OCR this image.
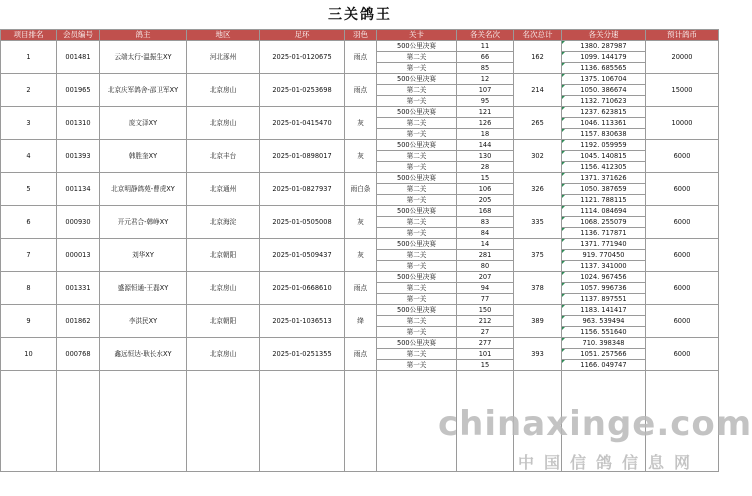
三关鸽王
项目排名	会员编号	鸽主	地区	足环	羽色	关卡	各关名次	名次总计	各关分速	预计鸽币
1	001481	云端太行-温振生XY	河北涿州	2025-01-0120675	雨点	500公里决赛	11	162	1380. 287987	20000
						第二关	66		1099. 144179	
						第一关	85		1136. 685565	
2	001965	北京庆军鸽舍-邵卫军XY	北京房山	2025-01-0253698	雨点	500公里决赛	12	214	1375. 106704	15000
						第二关	107		1050. 386674	
						第一关	95		1132. 710623	
3	001310	庞文泽XY	北京房山	2025-01-0415470	灰	500公里决赛	121	265	1237. 623815	10000
						第二关	126		1046. 113361	
						第一关	18		1157. 830638	
4	001393	韩胜奎XY	北京丰台	2025-01-0898017	灰	500公里决赛	144	302	1192. 059959	6000
						第二关	130		1045. 140815	
						第一关	28		1156. 412305	
5	001134	北京明静鸽苑-曹虎XY	北京通州	2025-01-0827937	雨白条	500公里决赛	15	326	1371. 371626	6000
						第二关	106		1050. 387659	
						第一关	205		1121. 788115	
6	000930	开元君合-韩峥XY	北京海淀	2025-01-0505008	灰	500公里决赛	168	335	1114. 084694	6000
						第二关	83		1068. 255079	
						第一关	84		1136. 717871	
7	000013	刘华XY	北京朝阳	2025-01-0509437	灰	500公里决赛	14	375	1371. 771940	6000
						第二关	281		919. 770450	
						第一关	80		1137. 341000	
8	001331	盛源恒通-王磊XY	北京房山	2025-01-0668610	雨点	500公里决赛	207	378	1024. 967456	6000
						第二关	94		1057. 996736	
						第一关	77		1137. 897551	
9	001862	李洪民XY	北京朝阳	2025-01-1036513	绛	500公里决赛	150	389	1183. 141417	6000
						第二关	212		963. 539494	
						第一关	27		1156. 551640	
10	000768	鑫远恒达-耿长水XY	北京房山	2025-01-0251355	雨点	500公里决赛	277	393	710. 398348	6000
						第二关	101		1051. 257566	
						第一关	15		1166. 049747	

chinaxinge.com
中国信鸽信息网
